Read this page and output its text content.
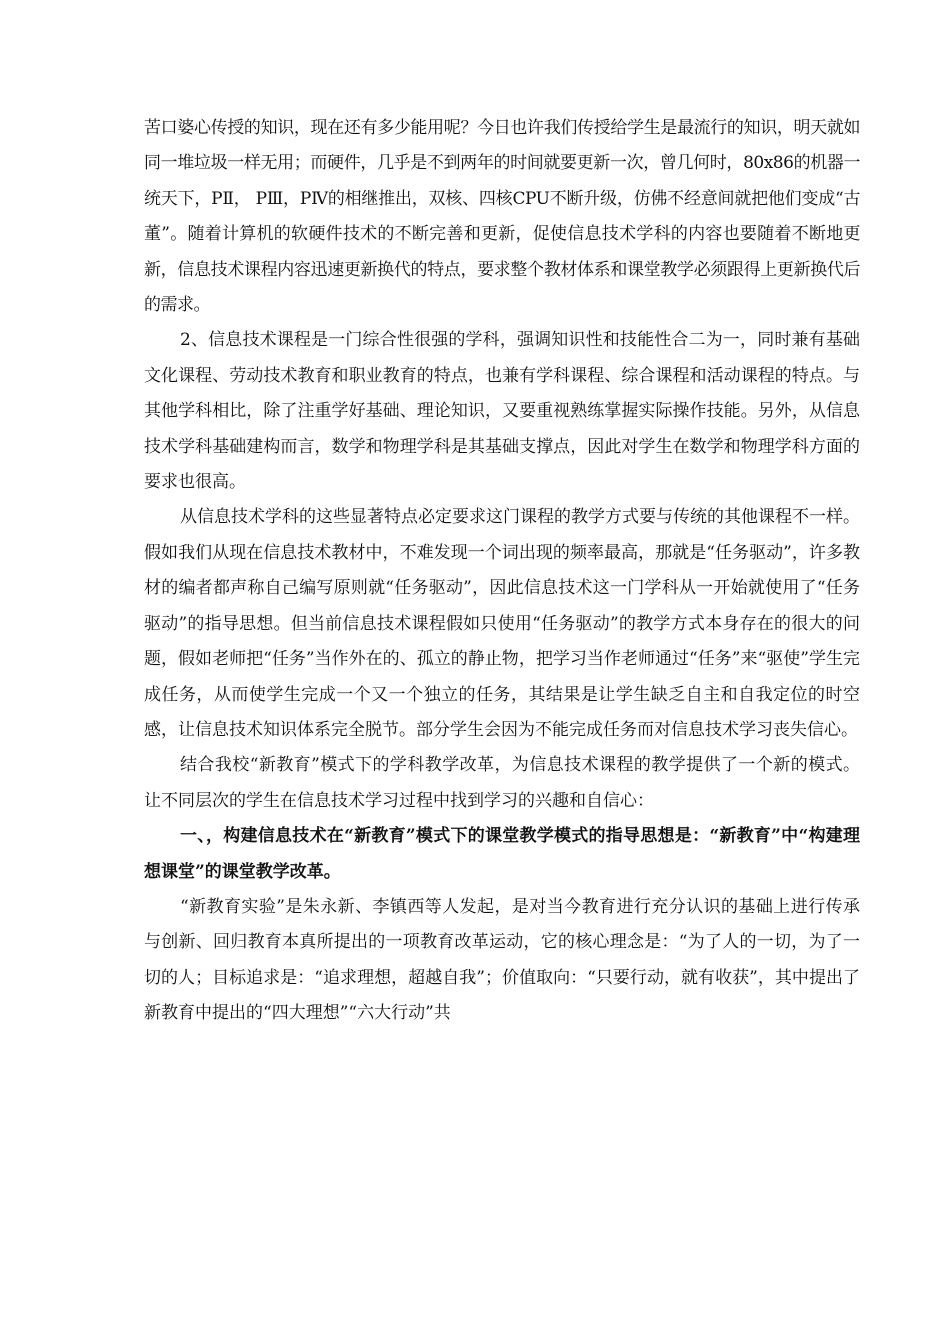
苦口婆心传授的知识，现在还有多少能用呢？今日也许我们传授给学生是最流行的知识，明天就如同一堆垃圾一样无用；而硬件，几乎是不到两年的时间就要更新一次，曾几何时，80x86的机器一统天下，PⅡ， PⅢ，PⅣ的相继推出，双核、四核CPU不断升级，仿佛不经意间就把他们变成“古董”。随着计算机的软硬件技术的不断完善和更新，促使信息技术学科的内容也要随着不断地更新，信息技术课程内容迅速更新换代的特点，要求整个教材体系和课堂教学必须跟得上更新换代后的需求。

2、信息技术课程是一门综合性很强的学科，强调知识性和技能性合二为一，同时兼有基础文化课程、劳动技术教育和职业教育的特点，也兼有学科课程、综合课程和活动课程的特点。与其他学科相比，除了注重学好基础、理论知识，又要重视熟练掌握实际操作技能。另外，从信息技术学科基础建构而言，数学和物理学科是其基础支撑点，因此对学生在数学和物理学科方面的要求也很高。

从信息技术学科的这些显著特点必定要求这门课程的教学方式要与传统的其他课程不一样。假如我们从现在信息技术教材中，不难发现一个词出现的频率最高，那就是“任务驱动”，许多教材的编者都声称自己编写原则就“任务驱动”，因此信息技术这一门学科从一开始就使用了“任务驱动”的指导思想。但当前信息技术课程假如只使用“任务驱动”的教学方式本身存在的很大的问题，假如老师把“任务”当作外在的、孤立的静止物，把学习当作老师通过“任务”来“驱使”学生完成任务，从而使学生完成一个又一个独立的任务，其结果是让学生缺乏自主和自我定位的时空感，让信息技术知识体系完全脱节。部分学生会因为不能完成任务而对信息技术学习丧失信心。

结合我校“新教育”模式下的学科教学改革，为信息技术课程的教学提供了一个新的模式。让不同层次的学生在信息技术学习过程中找到学习的兴趣和自信心：

一、，构建信息技术在“新教育”模式下的课堂教学模式的指导思想是：“新教育”中“构建理想课堂”的课堂教学改革。

“新教育实验”是朱永新、李镇西等人发起，是对当今教育进行充分认识的基础上进行传承与创新、回归教育本真所提出的一项教育改革运动，它的核心理念是：“为了人的一切，为了一切的人；目标追求是：“追求理想，超越自我”；价值取向：“只要行动，就有收获”，其中提出了新教育中提出的“四大理想”“六大行动”共
